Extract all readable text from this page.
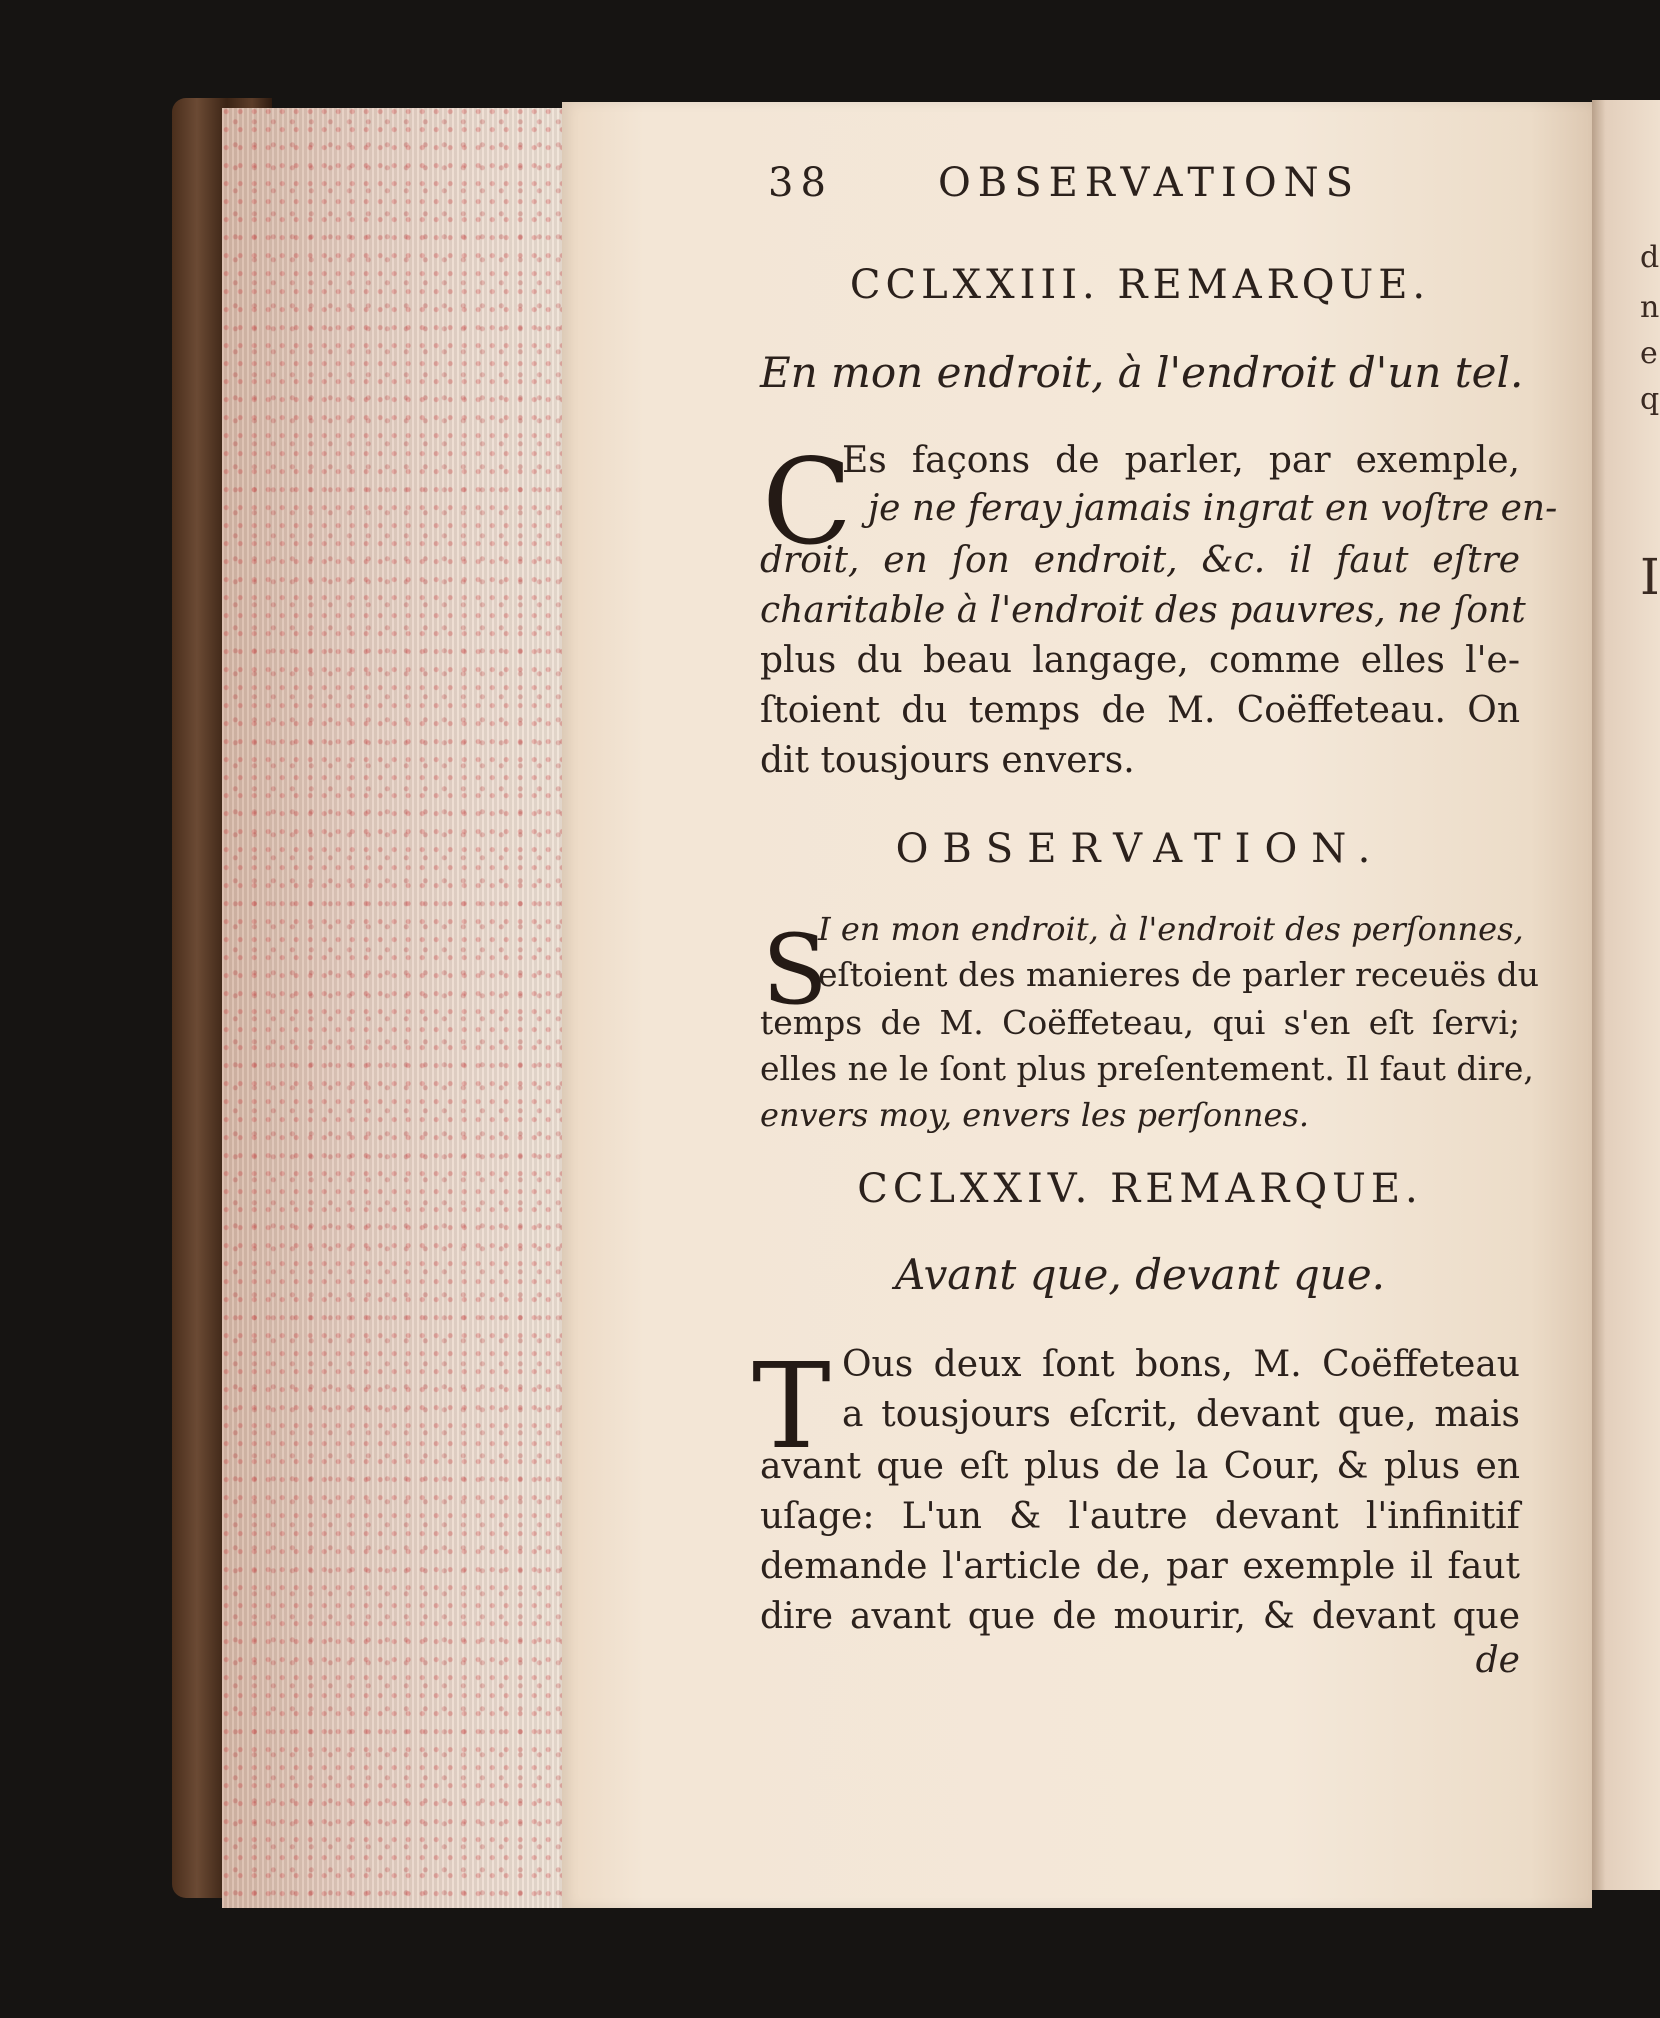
d
n
e
q
I
38	OBSERVATIONS
CCLXXIII. REMARQUE.
En mon endroit, à l'endroit d'un tel.
C

Es façons de parler, par exemple,

je ne feray jamais ingrat en voſtre en-

droit, en ſon endroit, &c. il faut eſtre

charitable à l'endroit des pauvres, ne ſont

plus du beau langage, comme elles l'e-

ſtoient du temps de M. Coëffeteau. On

dit tousjours envers.

OBSERVATION.
S

I en mon endroit, à l'endroit des perſonnes,

eſtoient des manieres de parler receuës du

temps de M. Coëffeteau, qui s'en eſt ſervi;

elles ne le ſont plus preſentement. Il faut dire,

envers moy, envers les perſonnes.

CCLXXIV. REMARQUE.
Avant que, devant que.
T Ous deux ſont bons, M. Coëffeteau

a tousjours eſcrit, devant que, mais

avant que eſt plus de la Cour, & plus en

uſage: L'un & l'autre devant l'infinitif

demande l'article de, par exemple il faut

dire avant que de mourir, & devant que

de
